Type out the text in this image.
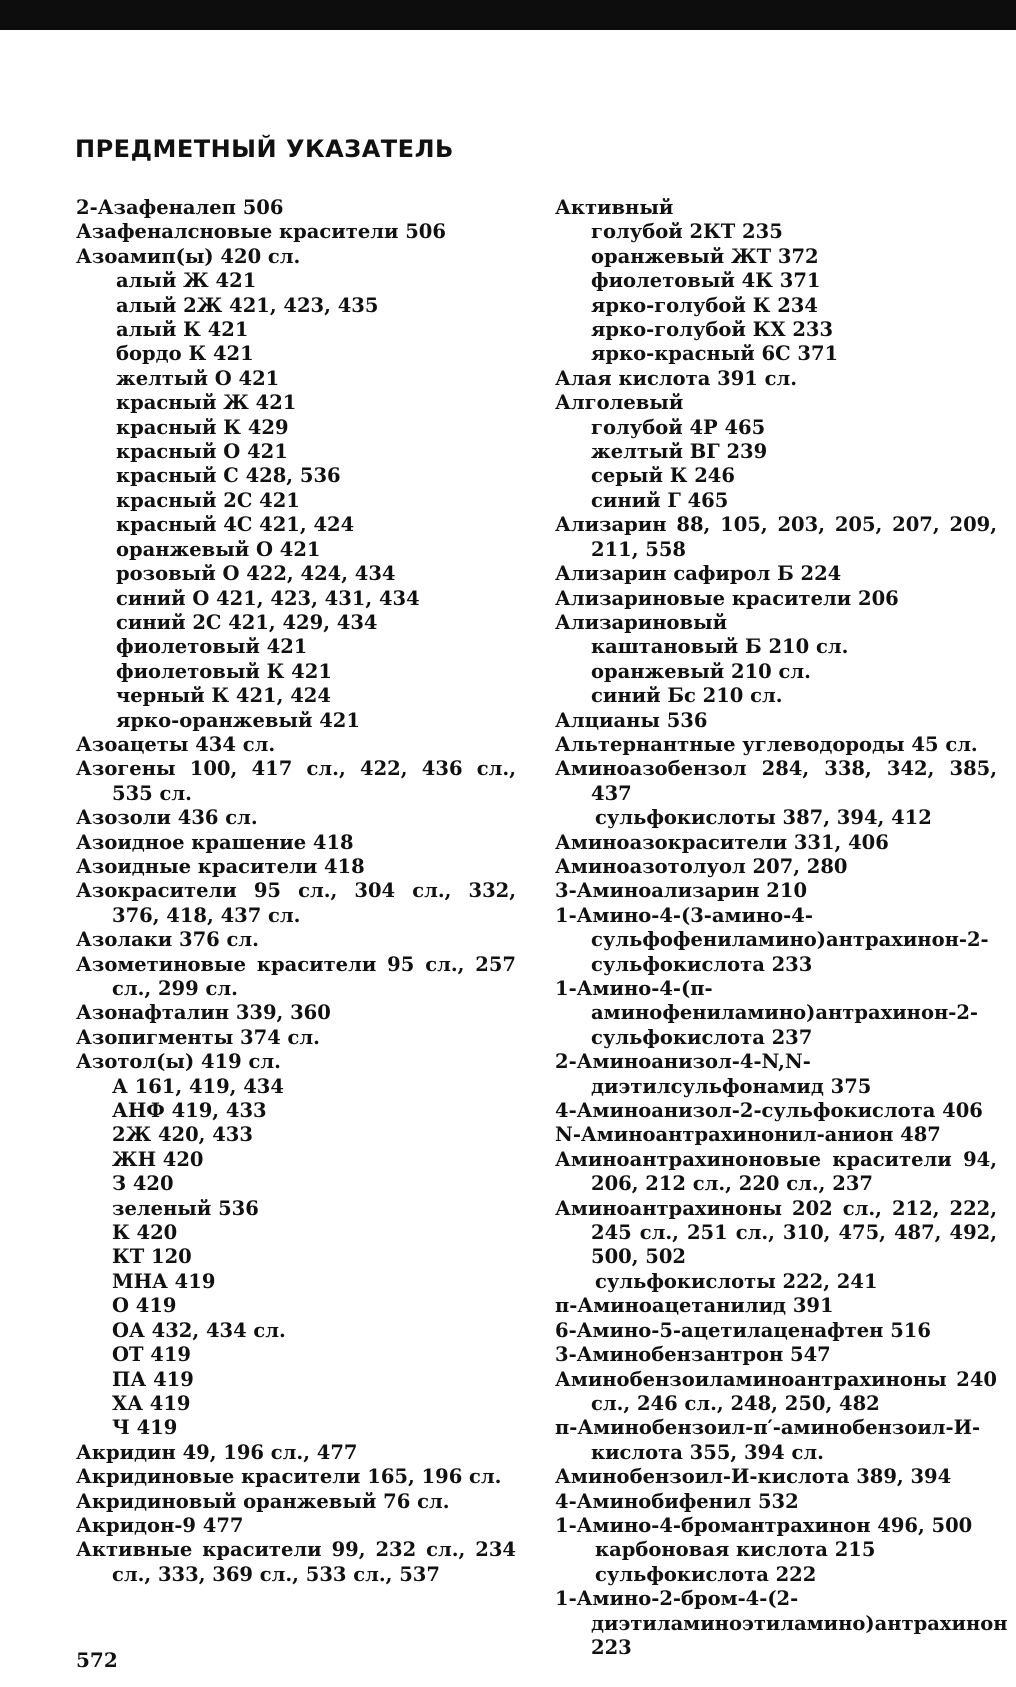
ПРЕДМЕТНЫЙ УКАЗАТЕЛЬ
2-Азафеналеп 506
Азафеналсновые красители 506
Азоамип(ы) 420 сл.
алый Ж 421
алый 2Ж 421, 423, 435
алый К 421
бордо К 421
желтый О 421
красный Ж 421
красный К 429
красный О 421
красный С 428, 536
красный 2С 421
красный 4С 421, 424
оранжевый О 421
розовый О 422, 424, 434
синий О 421, 423, 431, 434
синий 2С 421, 429, 434
фиолетовый 421
фиолетовый К 421
черный К 421, 424
ярко-оранжевый 421
Азоацеты 434 сл.
Азогены 100, 417 сл., 422, 436 сл., 535 сл.
Азозоли 436 сл.
Азоидное крашение 418
Азоидные красители 418
Азокрасители 95 сл., 304 сл., 332, 376, 418, 437 сл.
Азолаки 376 сл.
Азометиновые красители 95 сл., 257 сл., 299 сл.
Азонафталин 339, 360
Азопигменты 374 сл.
Азотол(ы) 419 сл.
А 161, 419, 434
АНФ 419, 433
2Ж 420, 433
ЖН 420
З 420
зеленый 536
К 420
КТ 120
МНА 419
О 419
ОА 432, 434 сл.
ОТ 419
ПА 419
ХА 419
Ч 419
Акридин 49, 196 сл., 477
Акридиновые красители 165, 196 сл.
Акридиновый оранжевый 76 сл.
Акридон-9 477
Активные красители 99, 232 сл., 234 сл., 333, 369 сл., 533 сл., 537
Активный
голубой 2КТ 235
оранжевый ЖТ 372
фиолетовый 4К 371
ярко-голубой К 234
ярко-голубой КХ 233
ярко-красный 6С 371
Алая кислота 391 сл.
Алголевый
голубой 4Р 465
желтый ВГ 239
серый К 246
синий Г 465
Ализарин 88, 105, 203, 205, 207, 209, 211, 558
Ализарин сафирол Б 224
Ализариновые красители 206
Ализариновый
каштановый Б 210 сл.
оранжевый 210 сл.
синий Бс 210 сл.
Алцианы 536
Альтернантные углеводороды 45 сл.
Аминоазобензол 284, 338, 342, 385, 437
сульфокислоты 387, 394, 412
Аминоазокрасители 331, 406
Аминоазотолуол 207, 280
3-Аминоализарин 210
1-Амино-4-(3-амино-4-сульфофениламино)антрахинон-2-сульфокислота 233
1-Амино-4-(п-аминофениламино)антрахинон-2-сульфокислота 237
2-Аминоанизол-4-N,N-диэтилсульфонамид 375
4-Аминоанизол-2-сульфокислота 406
N-Аминоантрахинонил-анион 487
Аминоантрахиноновые красители 94, 206, 212 сл., 220 сл., 237
Аминоантрахиноны 202 сл., 212, 222, 245 сл., 251 сл., 310, 475, 487, 492, 500, 502
сульфокислоты 222, 241
п-Аминоацетанилид 391
6-Амино-5-ацетилаценафтен 516
3-Аминобензантрон 547
Аминобензоиламиноантрахиноны 240 сл., 246 сл., 248, 250, 482
п-Аминобензоил-п′-аминобензоил-И-кислота 355, 394 сл.
Аминобензоил-И-кислота 389, 394
4-Аминобифенил 532
1-Амино-4-бромантрахинон 496, 500
карбоновая кислота 215
сульфокислота 222
1-Амино-2-бром-4-(2-диэтиламиноэтиламино)антрахинон 223
572
